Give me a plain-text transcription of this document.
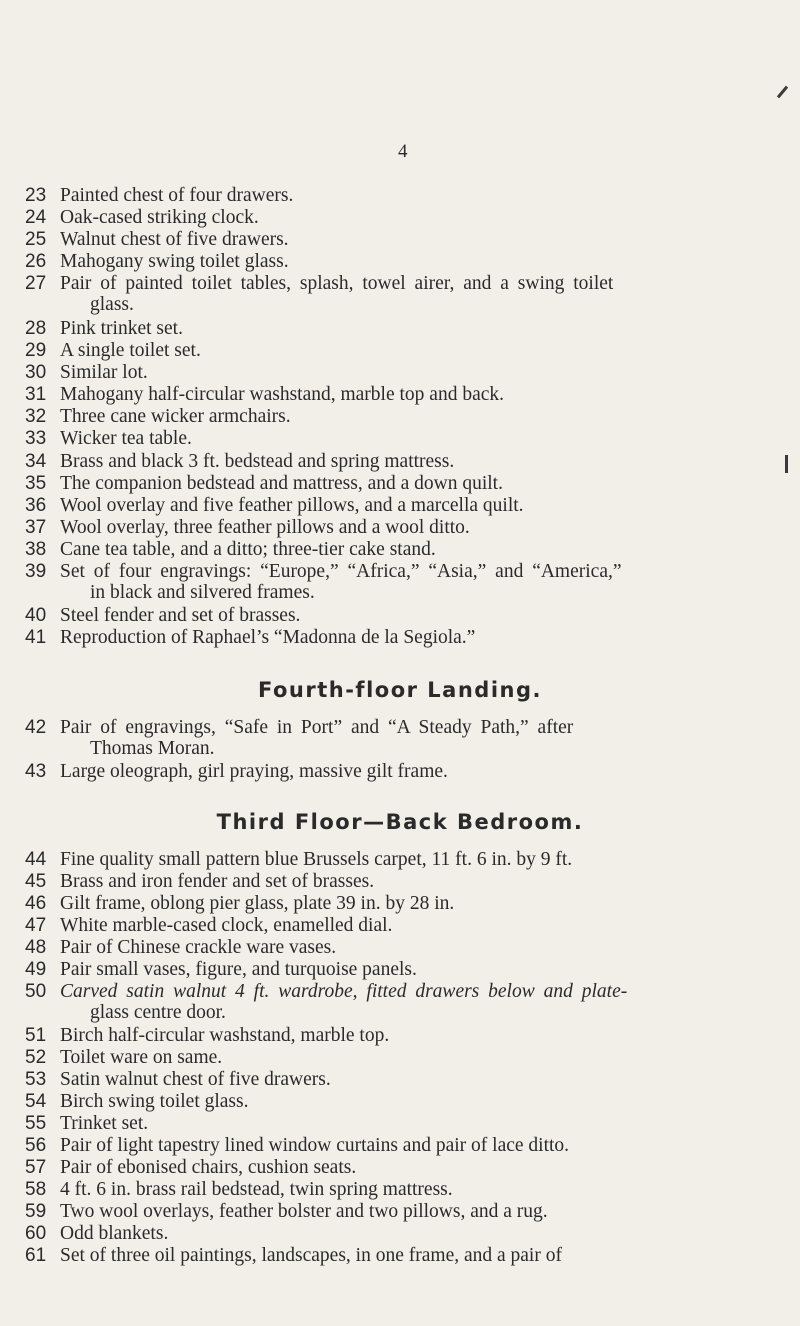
4
23 Painted chest of four drawers.
24 Oak-cased striking clock.
25 Walnut chest of five drawers.
26 Mahogany swing toilet glass.
27 Pair of painted toilet tables, splash, towel airer, and a swing toilet
glass.
28 Pink trinket set.
29 A single toilet set.
30 Similar lot.
31 Mahogany half-circular washstand, marble top and back.
32 Three cane wicker armchairs.
33 Wicker tea table.
34 Brass and black 3 ft. bedstead and spring mattress.
35 The companion bedstead and mattress, and a down quilt.
36 Wool overlay and five feather pillows, and a marcella quilt.
37 Wool overlay, three feather pillows and a wool ditto.
38 Cane tea table, and a ditto; three-tier cake stand.
39 Set of four engravings: “Europe,” “Africa,” “Asia,” and “America,”
in black and silvered frames.
40 Steel fender and set of brasses.
41 Reproduction of Raphael’s “Madonna de la Segiola.”
Fourth-floor Landing.
42 Pair of engravings, “Safe in Port” and “A Steady Path,” after
Thomas Moran.
43 Large oleograph, girl praying, massive gilt frame.
Third Floor—Back Bedroom.
44 Fine quality small pattern blue Brussels carpet, 11 ft. 6 in. by 9 ft.
45 Brass and iron fender and set of brasses.
46 Gilt frame, oblong pier glass, plate 39 in. by 28 in.
47 White marble-cased clock, enamelled dial.
48 Pair of Chinese crackle ware vases.
49 Pair small vases, figure, and turquoise panels.
50 Carved satin walnut 4 ft. wardrobe, fitted drawers below and plate-
glass centre door.
51 Birch half-circular washstand, marble top.
52 Toilet ware on same.
53 Satin walnut chest of five drawers.
54 Birch swing toilet glass.
55 Trinket set.
56 Pair of light tapestry lined window curtains and pair of lace ditto.
57 Pair of ebonised chairs, cushion seats.
58 4 ft. 6 in. brass rail bedstead, twin spring mattress.
59 Two wool overlays, feather bolster and two pillows, and a rug.
60 Odd blankets.
61 Set of three oil paintings, landscapes, in one frame, and a pair of
